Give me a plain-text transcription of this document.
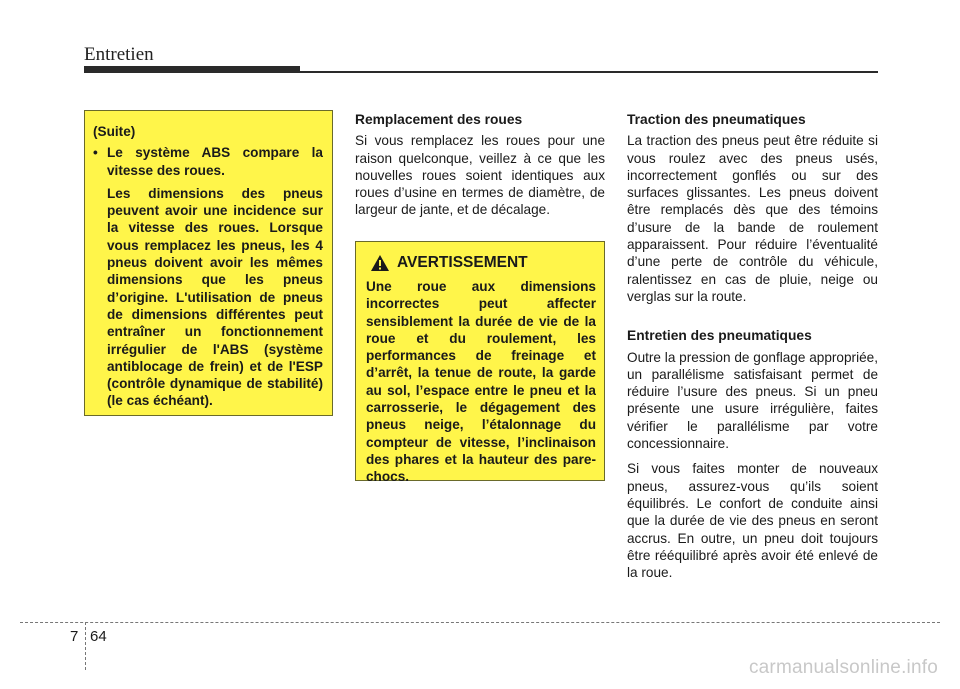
Entretien
(Suite)
• Le système ABS compare la vitesse des roues.

Les dimensions des pneus peuvent avoir une incidence sur la vitesse des roues. Lorsque vous remplacez les pneus, les 4 pneus doivent avoir les mêmes dimensions que les pneus d’origine. L'utilisation de pneus de dimensions différentes peut entraîner un fonctionnement irrégulier de l'ABS (système antiblocage de frein) et de l'ESP (contrôle dynamique de stabilité) (le cas échéant).

Remplacement des roues

Si vous remplacez les roues pour une raison quelconque, veillez à ce que les nouvelles roues soient identiques aux roues d’usine en termes de diamètre, de largeur de jante, et de décalage.

AVERTISSEMENT
Une roue aux dimensions incorrectes peut affecter sensiblement la durée de vie de la roue et du roulement, les performances de freinage et d’arrêt, la tenue de route, la garde au sol, l’espace entre le pneu et la carrosserie, le dégagement des pneus neige, l’étalonnage du compteur de vitesse, l’inclinaison des phares et la hauteur des pare-chocs.
Traction des pneumatiques

La traction des pneus peut être réduite si vous roulez avec des pneus usés, incorrectement gonflés ou sur des surfaces glissantes. Les pneus doivent être remplacés dès que des témoins d’usure de la bande de roulement apparaissent. Pour réduire l’éventualité d’une perte de contrôle du véhicule, ralentissez en cas de pluie, neige ou verglas sur la route.

Entretien des pneumatiques

Outre la pression de gonflage appropriée, un parallélisme satisfaisant permet de réduire l’usure des pneus. Si un pneu présente une usure irrégulière, faites vérifier le parallélisme par votre concessionnaire.

Si vous faites monter de nouveaux pneus, assurez-vous qu’ils soient équilibrés. Le confort de conduite ainsi que la durée de vie des pneus en seront accrus. En outre, un pneu doit toujours être rééquilibré après avoir été enlevé de la roue.

7 64
carmanualsonline.info
